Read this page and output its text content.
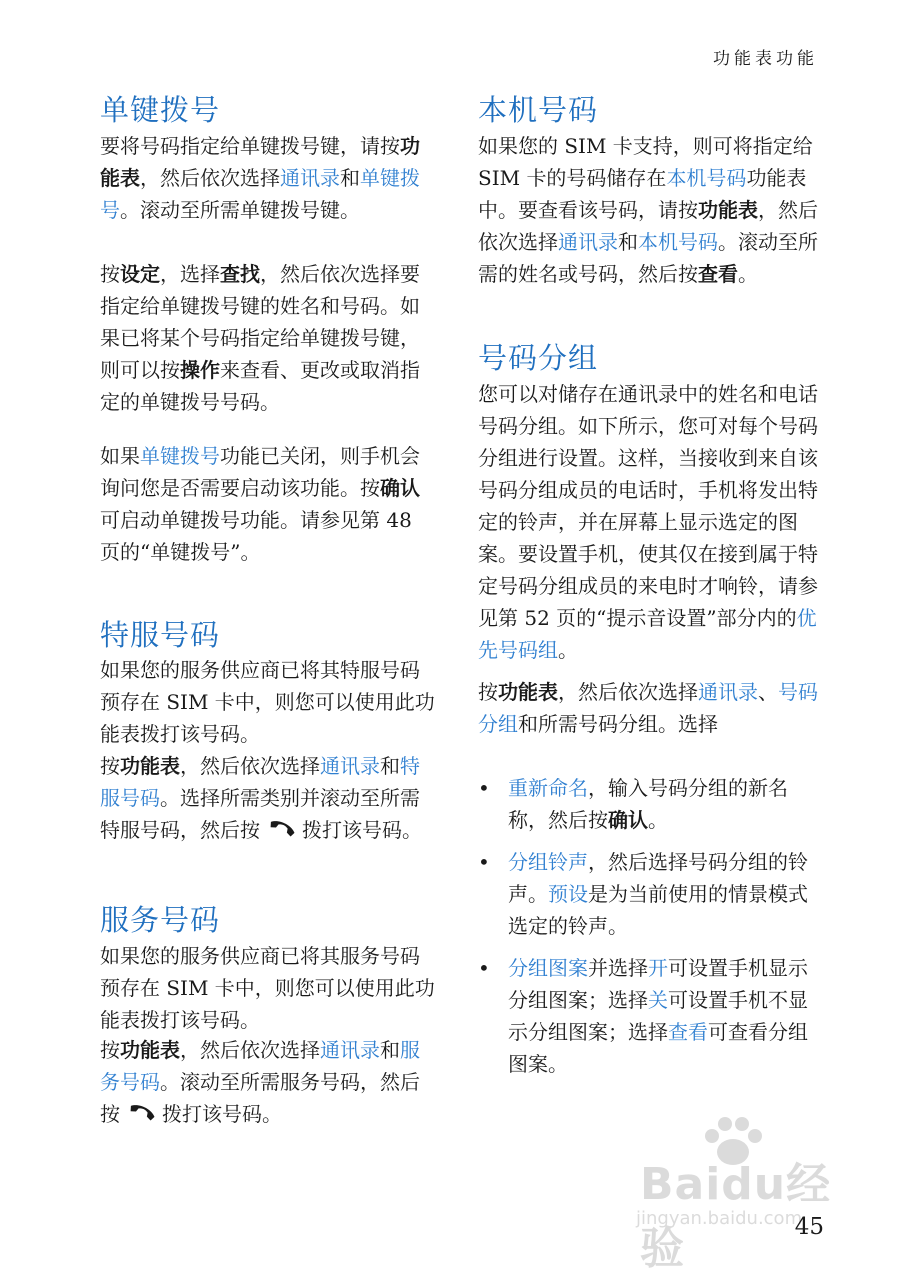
功能表功能
单键拨号

要将号码指定给单键拨号键，请按功能表，然后依次选择通讯录和单键拨号。滚动至所需单键拨号键。

按设定，选择查找，然后依次选择要指定给单键拨号键的姓名和号码。如果已将某个号码指定给单键拨号键，则可以按操作来查看、更改或取消指定的单键拨号号码。

如果单键拨号功能已关闭，则手机会询问您是否需要启动该功能。按确认可启动单键拨号功能。请参见第 48 页的“单键拨号”。

特服号码

如果您的服务供应商已将其特服号码预存在 SIM 卡中，则您可以使用此功能表拨打该号码。

按功能表，然后依次选择通讯录和特服号码。选择所需类别并滚动至所需特服号码，然后按 拨打该号码。

服务号码

如果您的服务供应商已将其服务号码预存在 SIM 卡中，则您可以使用此功能表拨打该号码。

按功能表，然后依次选择通讯录和服务号码。滚动至所需服务号码，然后按 拨打该号码。

本机号码

如果您的 SIM 卡支持，则可将指定给 SIM 卡的号码储存在本机号码功能表中。要查看该号码，请按功能表，然后依次选择通讯录和本机号码。滚动至所需的姓名或号码，然后按查看。

号码分组

您可以对储存在通讯录中的姓名和电话号码分组。如下所示，您可对每个号码分组进行设置。这样，当接收到来自该号码分组成员的电话时，手机将发出特定的铃声，并在屏幕上显示选定的图案。要设置手机，使其仅在接到属于特定号码分组成员的来电时才响铃，请参见第 52 页的“提示音设置”部分内的优先号码组。

按功能表，然后依次选择通讯录、号码分组和所需号码分组。选择

• 重新命名，输入号码分组的新名称，然后按确认。
• 分组铃声，然后选择号码分组的铃声。预设是为当前使用的情景模式选定的铃声。
• 分组图案并选择开可设置手机显示分组图案；选择关可设置手机不显示分组图案；选择查看可查看分组图案。
Baidu经验
jingyan.baidu.com
45
